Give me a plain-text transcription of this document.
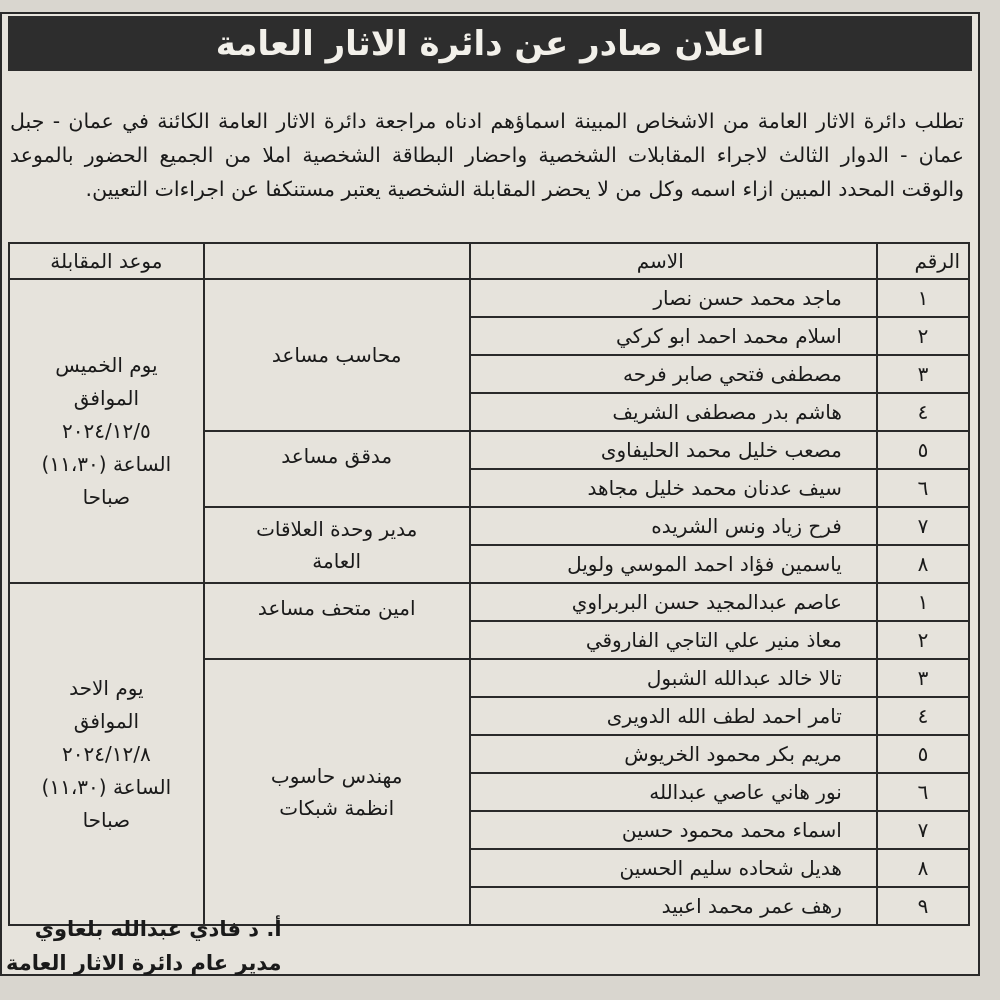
اعلان صادر عن دائرة الاثار العامة

تطلب دائرة الاثار العامة من الاشخاص المبينة اسماؤهم ادناه مراجعة دائرة الاثار العامة الكائنة في عمان - جبل عمان - الدوار الثالث لاجراء المقابلات الشخصية واحضار البطاقة الشخصية املا من الجميع الحضور بالموعد والوقت المحدد المبين ازاء اسمه وكل من لا يحضر المقابلة الشخصية يعتبر مستنكفا عن اجراءات التعيين.

الرقم	الاسم		موعد المقابلة
١	ماجد محمد حسن نصار	محاسب مساعد	يوم الخميس
الموافق
٢٠٢٤/١٢/٥
الساعة (١١،٣٠)
صباحا

٢	اسلام محمد احمد ابو كركي		
٣	مصطفى فتحي صابر فرحه		
٤	هاشم بدر مصطفى الشريف		
٥	مصعب خليل محمد الحليفاوى	مدقق مساعد	
٦	سيف عدنان محمد خليل مجاهد		
٧	فرح زياد ونس الشريده	مدير وحدة العلاقات
العامة	

٨	ياسمين فؤاد احمد الموسي ولويل		
١	عاصم عبدالمجيد حسن البربراوي	امين متحف مساعد	يوم الاحد
الموافق
٢٠٢٤/١٢/٨
الساعة (١١،٣٠)
صباحا

٢	معاذ منير علي التاجي الفاروقي		
٣	تالا خالد عبدالله الشبول	مهندس حاسوب
انظمة شبكات	

٤	تامر احمد لطف الله الدويرى		
٥	مريم بكر محمود الخريوش		
٦	نور هاني عاصي عبدالله		
٧	اسماء محمد محمود حسين		
٨	هديل شحاده سليم الحسين		
٩	رهف عمر محمد اعبيد		
أ. د فادي عبدالله بلعاوي
مدير عام دائرة الاثار العامة
